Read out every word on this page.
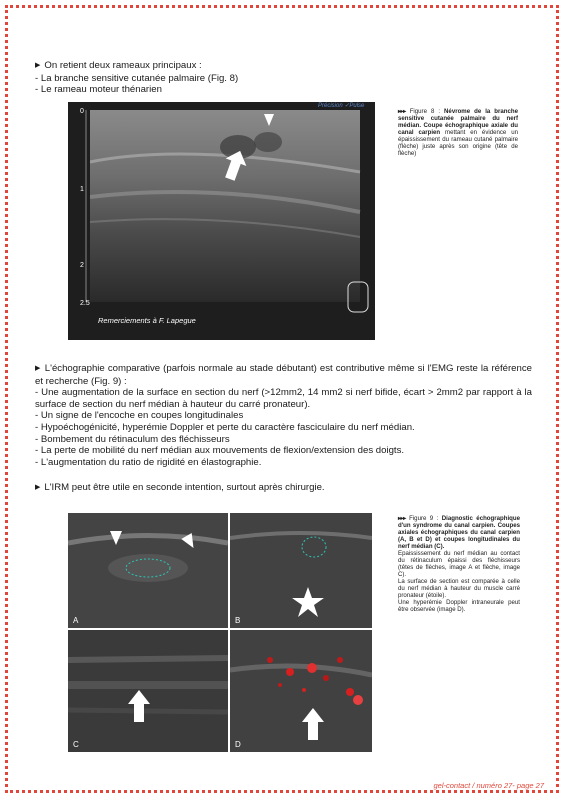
▶ On retient deux rameaux principaux :

- La branche sensitive cutanée palmaire (Fig. 8)

- Le rameau moteur thénarien

Précision ✓Pulse
0
1
2
2.5
Remerciements à F. Lapegue
▸▸▸ Figure 8 : Névrome de la branche sensitive cutanée palmaire du nerf médian. Coupe échographique axiale du canal carpien mettant en évidence un épaississement du rameau cutané palmaire (flèche) juste après son origine (tête de flèche)

▶ L'échographie comparative (parfois normale au stade débutant) est contributive même si l'EMG reste la référence et recherche (Fig. 9) :

- Une augmentation de la surface en section du nerf (>12mm2, 14 mm2 si nerf bifide, écart > 2mm2 par rapport à la surface de section du nerf médian à hauteur du carré pronateur).

- Un signe de l'encoche en coupes longitudinales

- Hypoéchogénicité, hyperémie Doppler et perte du caractère fasciculaire du nerf médian.

- Bombement du rétinaculum des fléchisseurs

- La perte de mobilité du nerf médian aux mouvements de flexion/extension des doigts.

- L'augmentation du ratio de rigidité en élastographie.

▶ L'IRM peut être utile en seconde intention, surtout après chirurgie.

A	B
C	D
▸▸▸ Figure 9 : Diagnostic échographique d'un syndrome du canal carpien. Coupes axiales échographiques du canal carpien (A, B et D) et coupes longitudinales du nerf médian (C).
Epaississement du nerf médian au contact du rétinaculum épaissi des fléchisseurs (têtes de flèches, image A et flèche, image C).
La surface de section est comparée à celle du nerf médian à hauteur du muscle carré pronateur (étoile).
Une hyperémie Doppler intraneurale peut être observée (image D).
gel-contact / numéro 27- page 27
